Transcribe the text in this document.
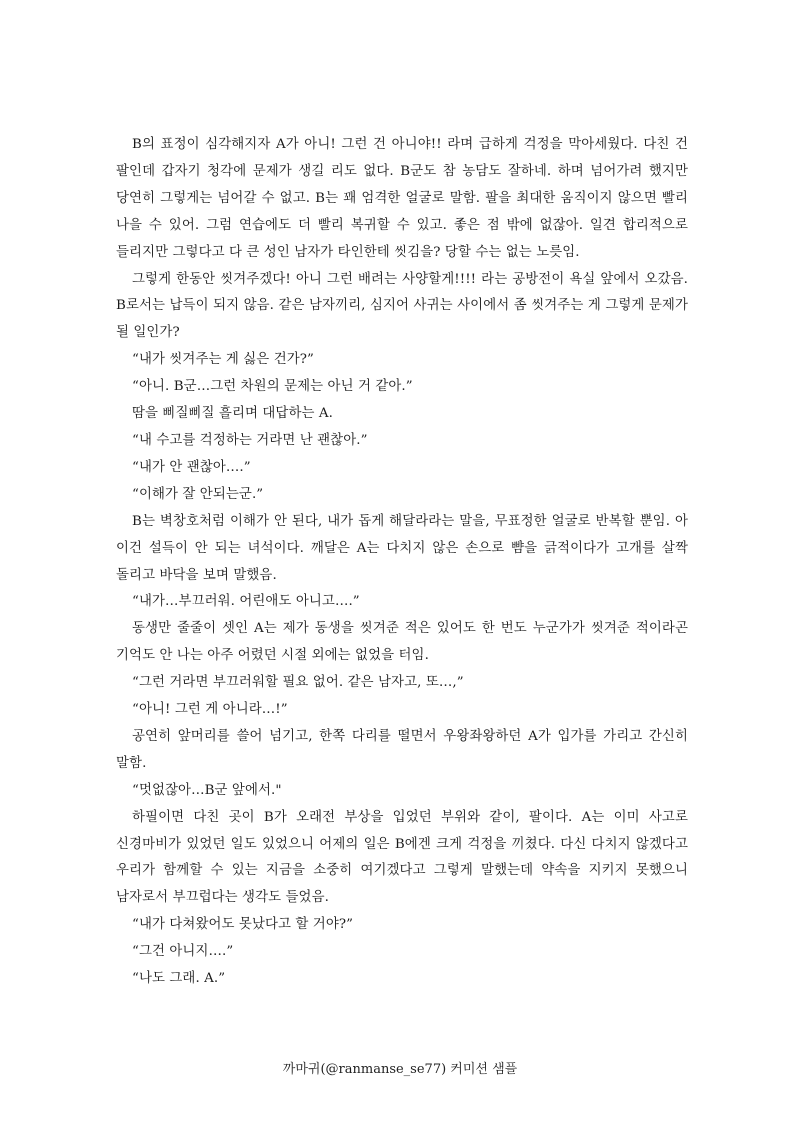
B의 표정이 심각해지자 A가 아니! 그런 건 아니야!! 라며 급하게 걱정을 막아세웠다. 다친 건 팔인데 갑자기 청각에 문제가 생길 리도 없다. B군도 참 농담도 잘하네. 하며 넘어가려 했지만 당연히 그렇게는 넘어갈 수 없고. B는 꽤 엄격한 얼굴로 말함. 팔을 최대한 움직이지 않으면 빨리 나을 수 있어. 그럼 연습에도 더 빨리 복귀할 수 있고. 좋은 점 밖에 없잖아. 일견 합리적으로 들리지만 그렇다고 다 큰 성인 남자가 타인한테 씻김을? 당할 수는 없는 노릇임.

그렇게 한동안 씻겨주겠다! 아니 그런 배려는 사양할게!!!! 라는 공방전이 욕실 앞에서 오갔음. B로서는 납득이 되지 않음. 같은 남자끼리, 심지어 사귀는 사이에서 좀 씻겨주는 게 그렇게 문제가 될 일인가?

“내가 씻겨주는 게 싫은 건가?”

“아니. B군…그런 차원의 문제는 아닌 거 같아.”

땀을 삐질삐질 흘리며 대답하는 A.

“내 수고를 걱정하는 거라면 난 괜찮아.”

“내가 안 괜찮아….”

“이해가 잘 안되는군.”

B는 벽창호처럼 이해가 안 된다, 내가 돕게 해달라라는 말을, 무표정한 얼굴로 반복할 뿐임. 아 이건 설득이 안 되는 녀석이다. 깨달은 A는 다치지 않은 손으로 뺨을 긁적이다가 고개를 살짝 돌리고 바닥을 보며 말했음.

“내가…부끄러워. 어린애도 아니고….”

동생만 줄줄이 셋인 A는 제가 동생을 씻겨준 적은 있어도 한 번도 누군가가 씻겨준 적이라곤 기억도 안 나는 아주 어렸던 시절 외에는 없었을 터임.

“그런 거라면 부끄러워할 필요 없어. 같은 남자고, 또…,”

“아니! 그런 게 아니라…!”

공연히 앞머리를 쓸어 넘기고, 한쪽 다리를 떨면서 우왕좌왕하던 A가 입가를 가리고 간신히 말함.

“멋없잖아…B군 앞에서."

하필이면 다친 곳이 B가 오래전 부상을 입었던 부위와 같이, 팔이다. A는 이미 사고로 신경마비가 있었던 일도 있었으니 어제의 일은 B에겐 크게 걱정을 끼쳤다. 다신 다치지 않겠다고 우리가 함께할 수 있는 지금을 소중히 여기겠다고 그렇게 말했는데 약속을 지키지 못했으니 남자로서 부끄럽다는 생각도 들었음.

“내가 다쳐왔어도 못났다고 할 거야?”

“그건 아니지….”

“나도 그래. A.”

까마귀(@ranmanse_se77) 커미션 샘플
